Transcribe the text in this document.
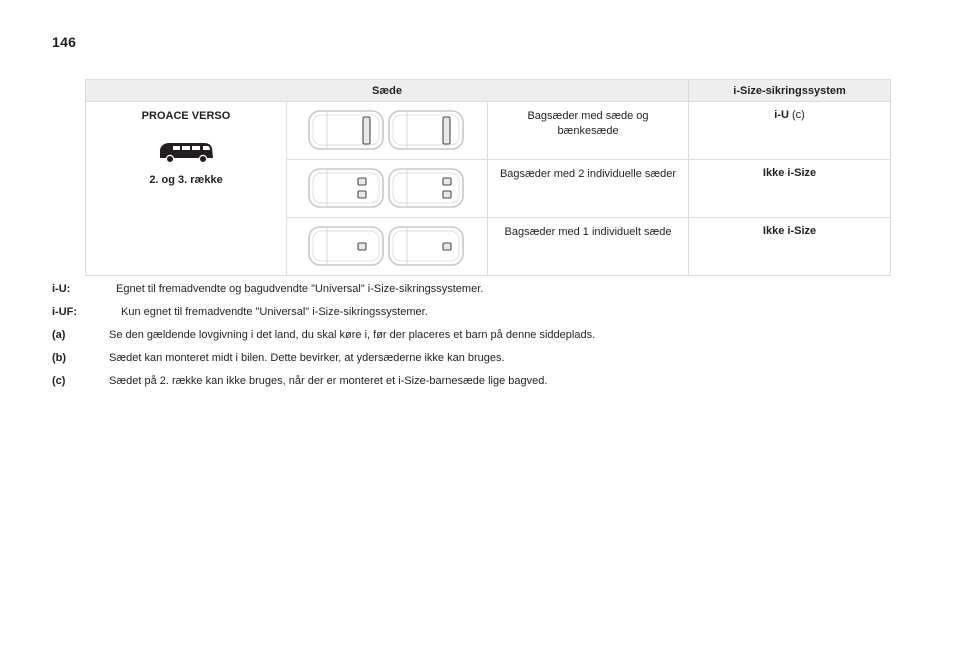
146
Sæde			i-Size-sikringssystem

PROACE VERSO
2. og 3. række		Bagsæder med sæde og bænkesæde	i-U (c)

	Bagsæder med 2 individuelle sæder	Ikke i-Size

	Bagsæder med 1 individuelt sæde	Ikke i-Size
i-U:	Egnet til fremadvendte og bagudvendte "Universal" i-Size-sikringssystemer.
i-UF:	Kun egnet til fremadvendte "Universal" i-Size-sikringssystemer.
(a)	Se den gældende lovgivning i det land, du skal køre i, før der placeres et barn på denne siddeplads.
(b)	Sædet kan monteret midt i bilen. Dette bevirker, at ydersæderne ikke kan bruges.
(c)	Sædet på 2. række kan ikke bruges, når der er monteret et i-Size-barnesæde lige bagved.
